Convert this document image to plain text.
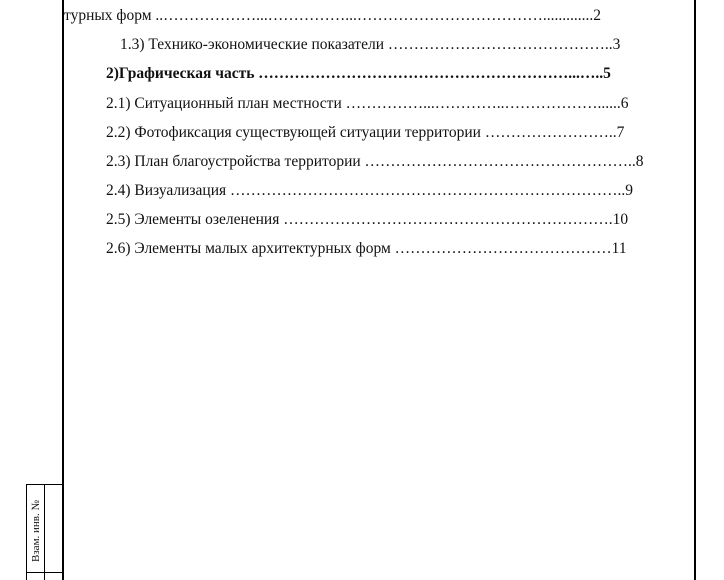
Взам. инв. №
турных форм ..………………...……………...……………………………….............2
1.3) Технико-экономические показатели ……………………………………..3
2)Графическая часть ……………………………………………………...…..5
2.1) Ситуационный план местности ……………...…………..………………......6
2.2) Фотофиксация существующей ситуации территории ……………………..7
2.3) План благоустройства территории ……………………………………………..8
2.4) Визуализация …………………………………………………………………..9
2.5) Элементы озеленения ……………………………………………………….10
2.6) Элементы малых архитектурных форм ……………………………………11
